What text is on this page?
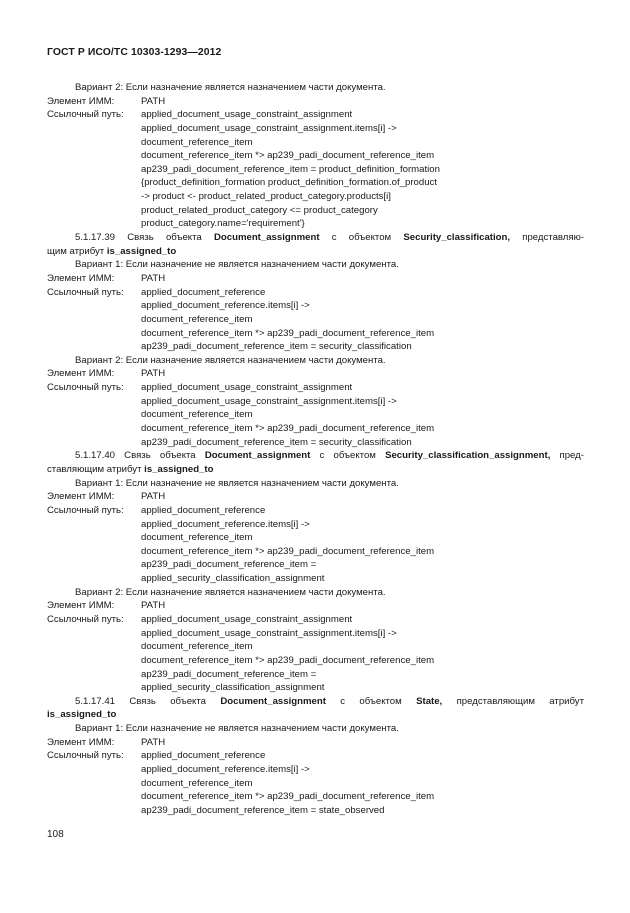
ГОСТ Р ИСО/ТС 10303-1293—2012
Вариант 2: Если назначение является назначением части документа.
Элемент ИММ:	PATH
Ссылочный путь: applied_document_usage_constraint_assignment
applied_document_usage_constraint_assignment.items[i] ->
document_reference_item
document_reference_item *> ap239_padi_document_reference_item
ap239_padi_document_reference_item = product_definition_formation
{product_definition_formation product_definition_formation.of_product
-> product <- product_related_product_category.products[i]
product_related_product_category <= product_category
product_category.name='requirement'}
5.1.17.39 Связь объекта Document_assignment с объектом Security_classification, представляю-
щим атрибут is_assigned_to
Вариант 1: Если назначение не является назначением части документа.
Элемент ИММ:	PATH
Ссылочный путь: applied_document_reference
applied_document_reference.items[i] ->
document_reference_item
document_reference_item *> ap239_padi_document_reference_item
ap239_padi_document_reference_item = security_classification
Вариант 2: Если назначение является назначением части документа.
Элемент ИММ:	PATH
Ссылочный путь: applied_document_usage_constraint_assignment
applied_document_usage_constraint_assignment.items[i] ->
document_reference_item
document_reference_item *> ap239_padi_document_reference_item
ap239_padi_document_reference_item = security_classification
5.1.17.40 Связь объекта Document_assignment с объектом Security_classification_assignment, пред-
ставляющим атрибут is_assigned_to
Вариант 1: Если назначение не является назначением части документа.
Элемент ИММ:	PATH
Ссылочный путь: applied_document_reference
applied_document_reference.items[i] ->
document_reference_item
document_reference_item *> ap239_padi_document_reference_item
ap239_padi_document_reference_item =
applied_security_classification_assignment
Вариант 2: Если назначение является назначением части документа.
Элемент ИММ:	PATH
Ссылочный путь: applied_document_usage_constraint_assignment
applied_document_usage_constraint_assignment.items[i] ->
document_reference_item
document_reference_item *> ap239_padi_document_reference_item
ap239_padi_document_reference_item =
applied_security_classification_assignment
5.1.17.41 Связь объекта Document_assignment с объектом State, представляющим атрибут
is_assigned_to
Вариант 1: Если назначение не является назначением части документа.
Элемент ИММ:	PATH
Ссылочный путь: applied_document_reference
applied_document_reference.items[i] ->
document_reference_item
document_reference_item *> ap239_padi_document_reference_item
ap239_padi_document_reference_item = state_observed
108
